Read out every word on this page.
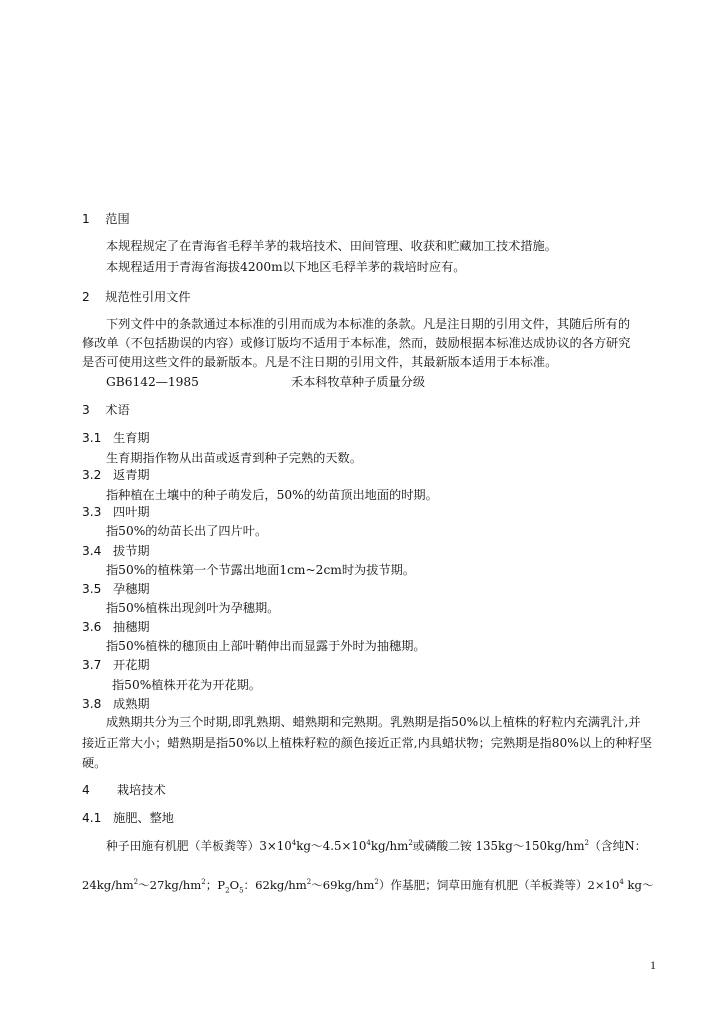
1 范围
本规程规定了在青海省毛稃羊茅的栽培技术、田间管理、收获和贮藏加工技术措施。
本规程适用于青海省海拔4200m以下地区毛稃羊茅的栽培时应有。
2 规范性引用文件
下列文件中的条款通过本标准的引用而成为本标准的条款。凡是注日期的引用文件，其随后所有的
修改单（不包括勘误的内容）或修订版均不适用于本标准，然而，鼓励根据本标准达成协议的各方研究
是否可使用这些文件的最新版本。凡是不注日期的引用文件，其最新版本适用于本标准。
GB6142—1985	禾本科牧草种子质量分级
3 术语
3.1 生育期
生育期指作物从出苗或返青到种子完熟的天数。
3.2 返青期
指种植在土壤中的种子萌发后，50%的幼苗顶出地面的时期。
3.3 四叶期
指50%的幼苗长出了四片叶。
3.4 拔节期
指50%的植株第一个节露出地面1cm~2cm时为拔节期。
3.5 孕穗期
指50%植株出现剑叶为孕穗期。
3.6 抽穗期
指50%植株的穗顶由上部叶鞘伸出而显露于外时为抽穗期。
3.7 开花期
指50%植株开花为开花期。
3.8 成熟期
成熟期共分为三个时期,即乳熟期、蜡熟期和完熟期。乳熟期是指50%以上植株的籽粒内充满乳汁,并
接近正常大小；蜡熟期是指50%以上植株籽粒的颜色接近正常,内具蜡状物；完熟期是指80%以上的种籽坚
硬。
4 栽培技术
4.1 施肥、整地
种子田施有机肥（羊板粪等）$3\times 10^4kg\sim 4.5\times 10^4kg/hm^2$或磷酸二铵 $135kg\sim 150kg/hm^2$（含纯N：
$24kg/hm^2\sim 27kg/hm^2$；$P_2O_5$：$62kg/hm^2\sim 69kg/hm^2$）作基肥；饲草田施有机肥（羊板粪等）$2\times 10^4$ kg～
1
